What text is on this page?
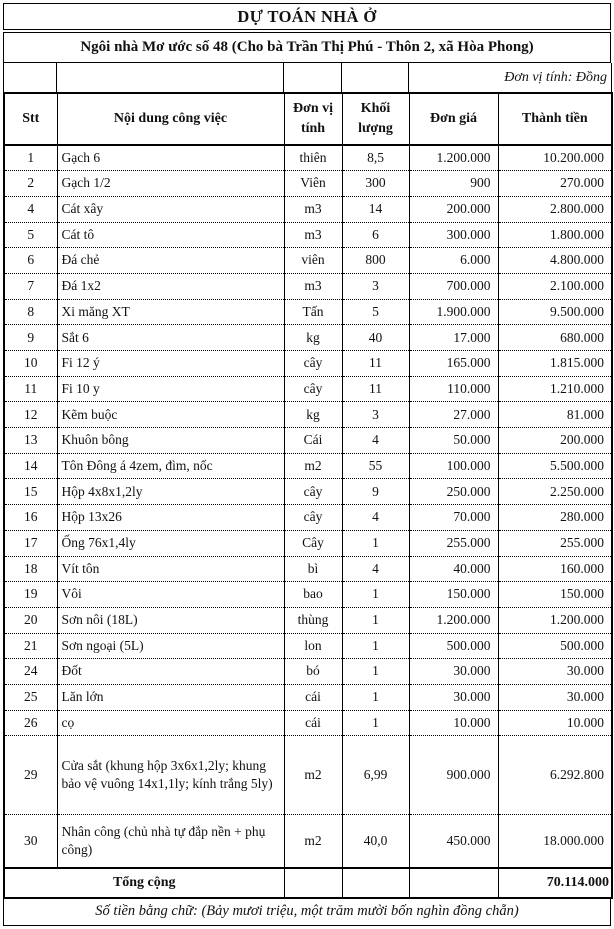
DỰ TOÁN NHÀ Ở
Ngôi nhà Mơ ước số 48 (Cho bà Trần Thị Phú - Thôn 2, xã Hòa Phong)
				Đơn vị tính: Đồng
Stt	Nội dung công việc	Đơn vị tính	Khối lượng	Đơn giá	Thành tiền
1	Gạch 6	thiên	8,5	1.200.000	10.200.000
2	Gạch 1/2	Viên	300	900	270.000
4	Cát xây	m3	14	200.000	2.800.000
5	Cát tô	m3	6	300.000	1.800.000
6	Đá chẻ	viên	800	6.000	4.800.000
7	Đá 1x2	m3	3	700.000	2.100.000
8	Xi măng XT	Tấn	5	1.900.000	9.500.000
9	Sắt 6	kg	40	17.000	680.000
10	Fi 12 ý	cây	11	165.000	1.815.000
11	Fi 10 y	cây	11	110.000	1.210.000
12	Kẽm buộc	kg	3	27.000	81.000
13	Khuôn bông	Cái	4	50.000	200.000
14	Tôn Đông á 4zem, đìm, nốc	m2	55	100.000	5.500.000
15	Hộp 4x8x1,2ly	cây	9	250.000	2.250.000
16	Hộp 13x26	cây	4	70.000	280.000
17	Ống 76x1,4ly	Cây	1	255.000	255.000
18	Vít tôn	bì	4	40.000	160.000
19	Vôi	bao	1	150.000	150.000
20	Sơn nôi (18L)	thùng	1	1.200.000	1.200.000
21	Sơn ngoại (5L)	lon	1	500.000	500.000
24	Đốt	bó	1	30.000	30.000
25	Lăn lớn	cái	1	30.000	30.000
26	cọ	cái	1	10.000	10.000
29	Cửa sắt (khung hộp 3x6x1,2ly; khung bảo vệ vuông 14x1,1ly; kính trắng 5ly)	m2	6,99	900.000	6.292.800
30	Nhân công (chủ nhà tự đắp nền + phụ công)	m2	40,0	450.000	18.000.000
Tổng cộng					70.114.000
Số tiền bằng chữ: (Bảy mươi triệu, một trăm mười bốn nghìn đồng chẵn)
